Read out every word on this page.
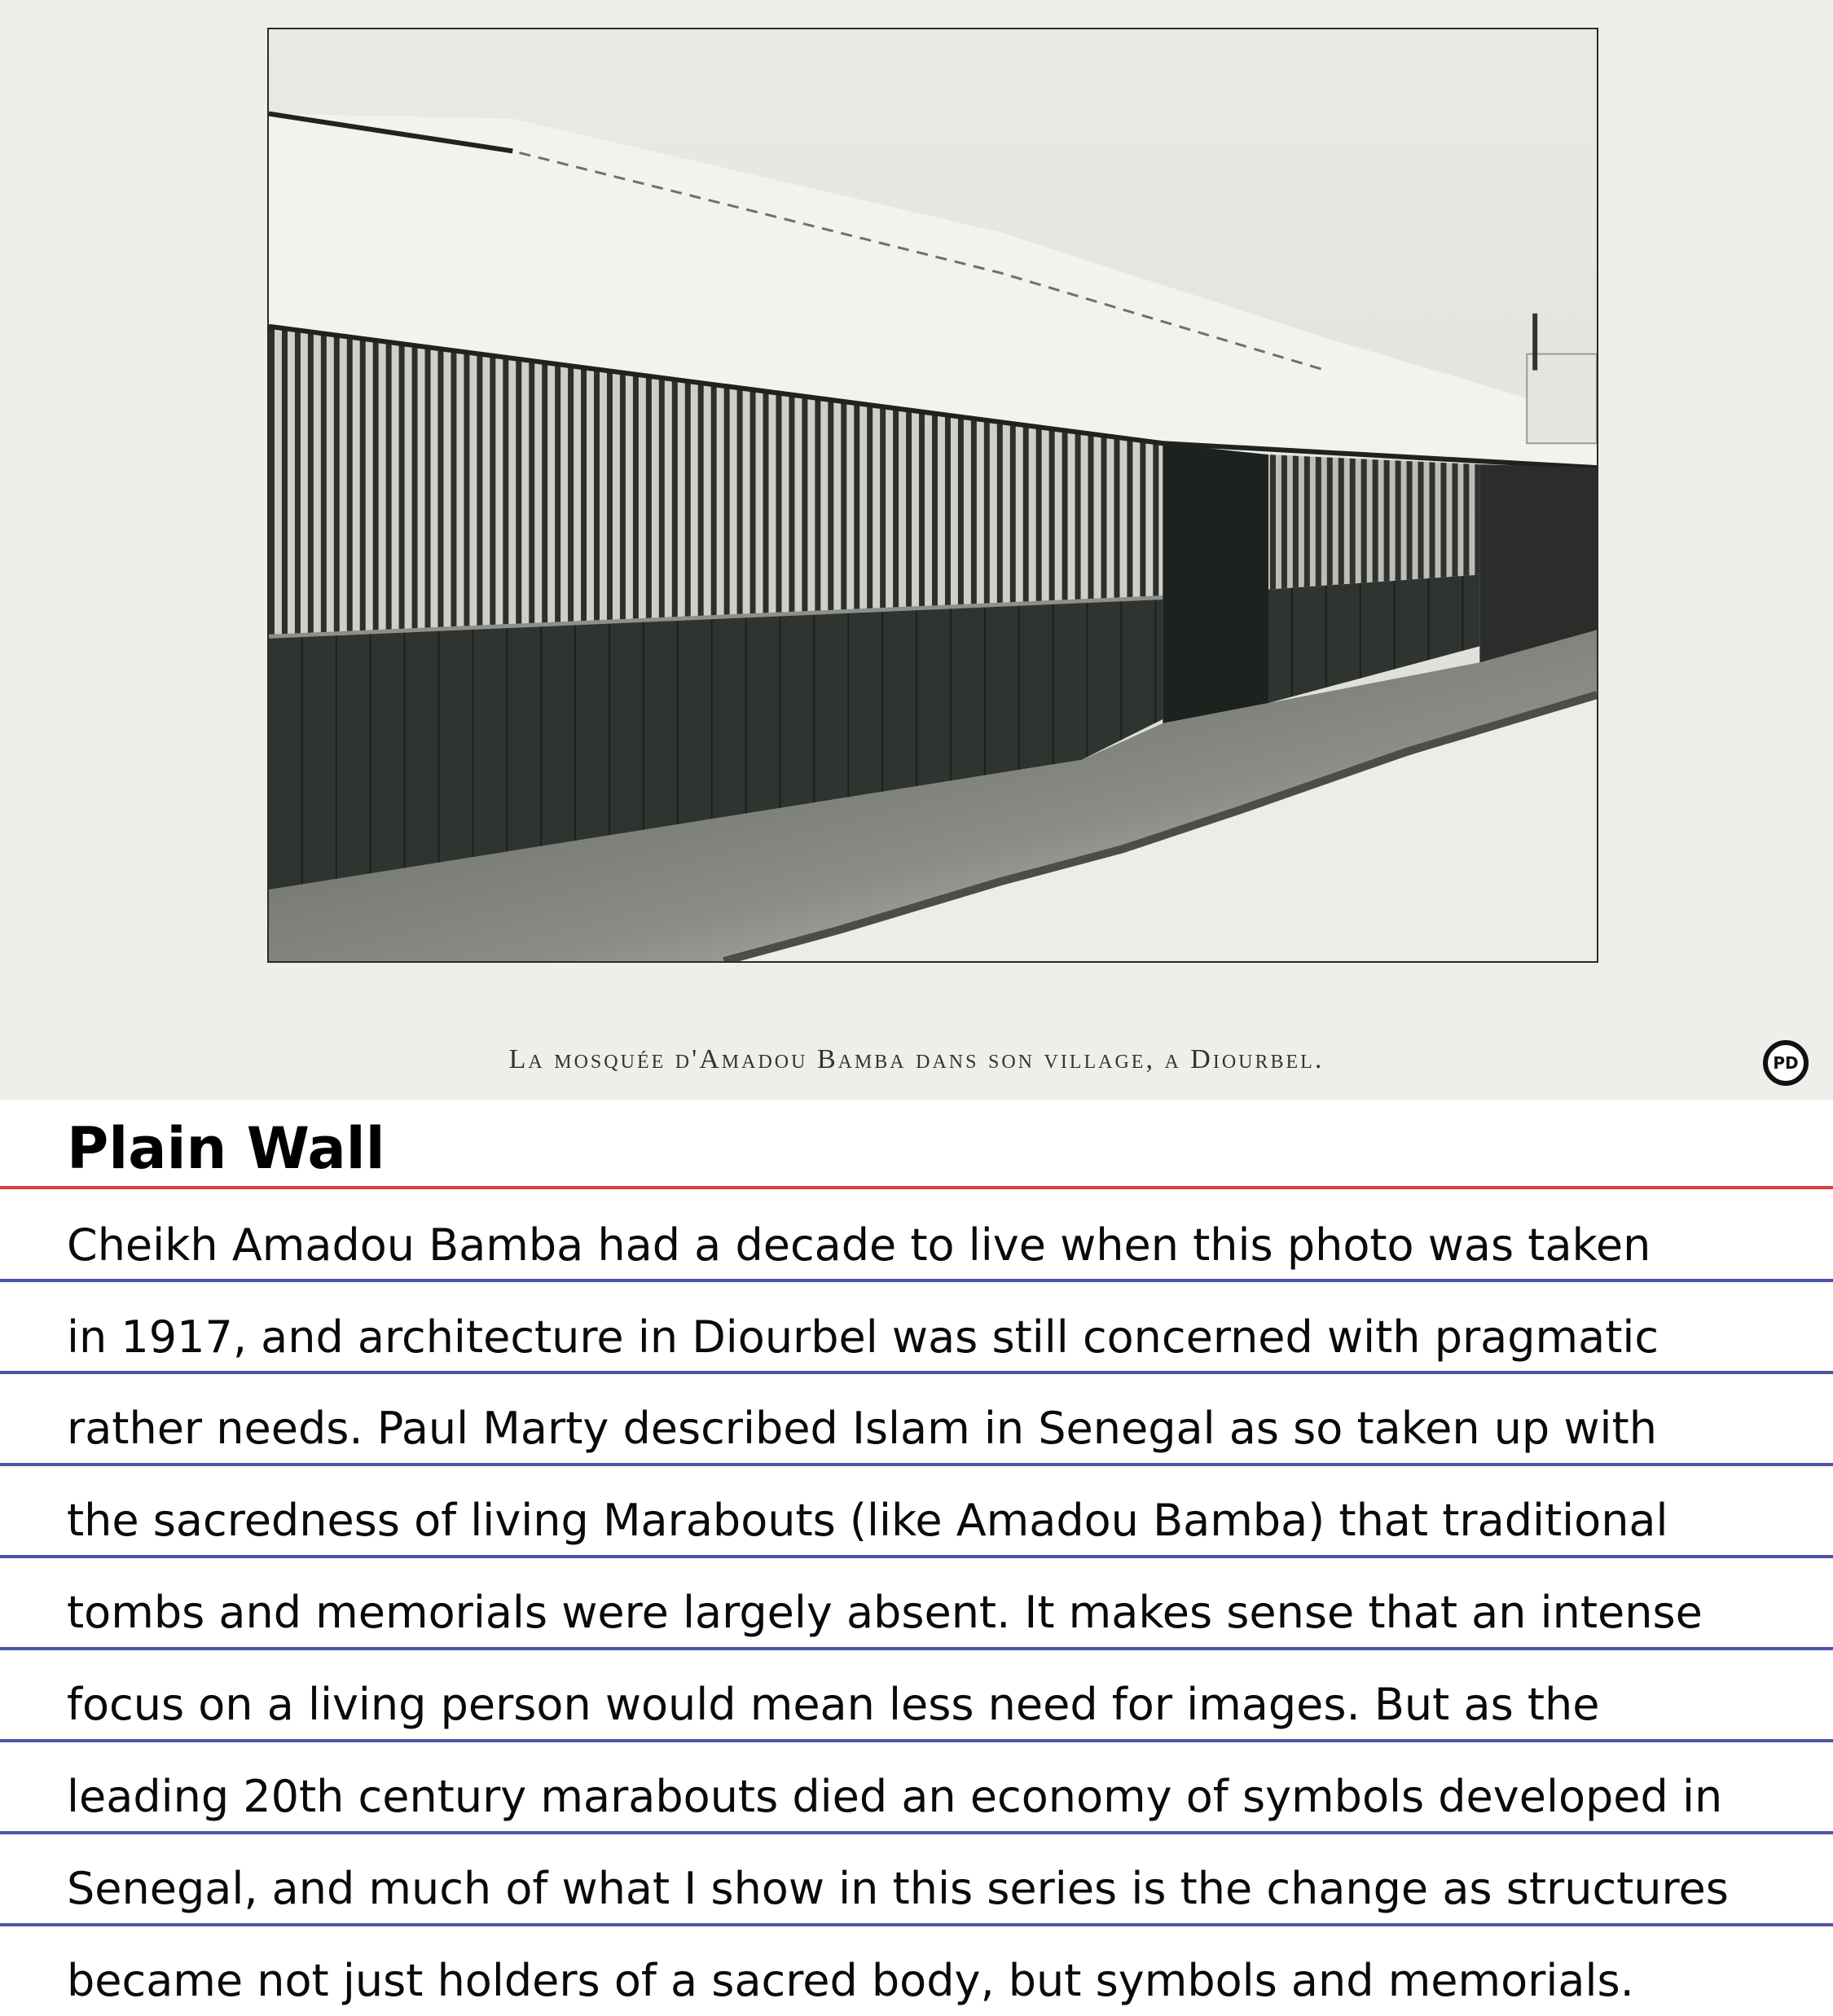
La mosquée d'Amadou Bamba dans son village, a Diourbel.	PD
Plain Wall

Cheikh Amadou Bamba had a decade to live when this photo was taken

in 1917, and architecture in Diourbel was still concerned with pragmatic

rather needs. Paul Marty described Islam in Senegal as so taken up with

the sacredness of living Marabouts (like Amadou Bamba) that traditional

tombs and memorials were largely absent. It makes sense that an intense

focus on a living person would mean less need for images. But as the

leading 20th century marabouts died an economy of symbols developed in

Senegal, and much of what I show in this series is the change as structures

became not just holders of a sacred body, but symbols and memorials.
